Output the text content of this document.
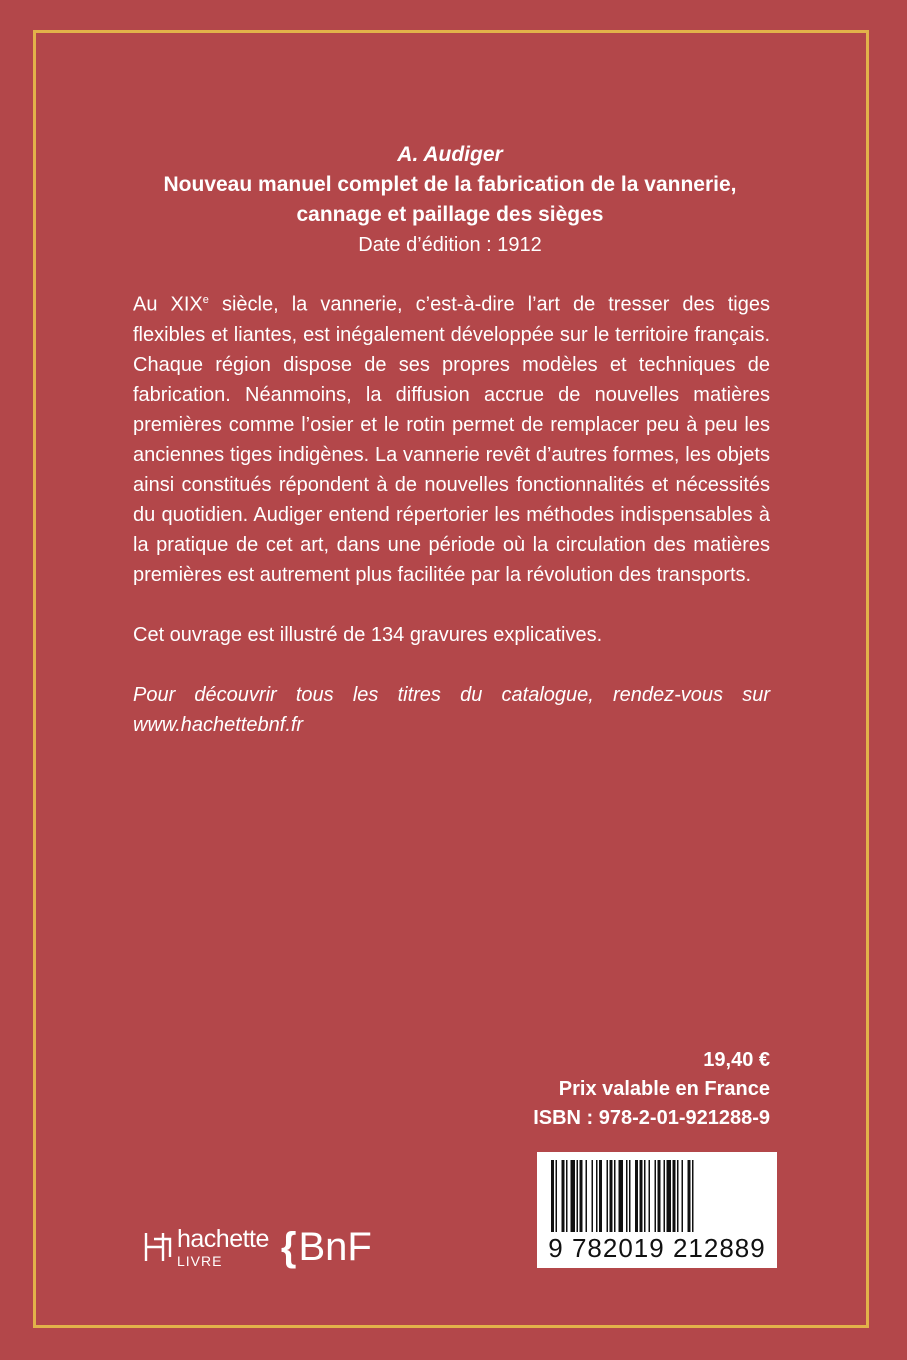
A. Audiger
Nouveau manuel complet de la fabrication de la vannerie,
cannage et paillage des sièges
Date d’édition : 1912

Au XIXe siècle, la vannerie, c’est-à-dire l’art de tresser des tiges flexibles et liantes, est inégalement développée sur le territoire français. Chaque région dispose de ses propres modèles et techniques de fabrication. Néanmoins, la diffusion accrue de nouvelles matières premières comme l’osier et le rotin permet de remplacer peu à peu les anciennes tiges indigènes. La vannerie revêt d’autres formes, les objets ainsi constitués répondent à de nouvelles fonctionnalités et nécessités du quotidien. Audiger entend répertorier les méthodes indispensables à la pratique de cet art, dans une période où la circulation des matières premières est autrement plus facilitée par la révolution des transports.

Cet ouvrage est illustré de 134 gravures explicatives.

Pour découvrir tous les titres du catalogue, rendez-vous sur www.hachettebnf.fr

19,40 €
Prix valable en France
ISBN : 978-2-01-921288-9
9 782019 212889
hachette
LIVRE	{ BnF
